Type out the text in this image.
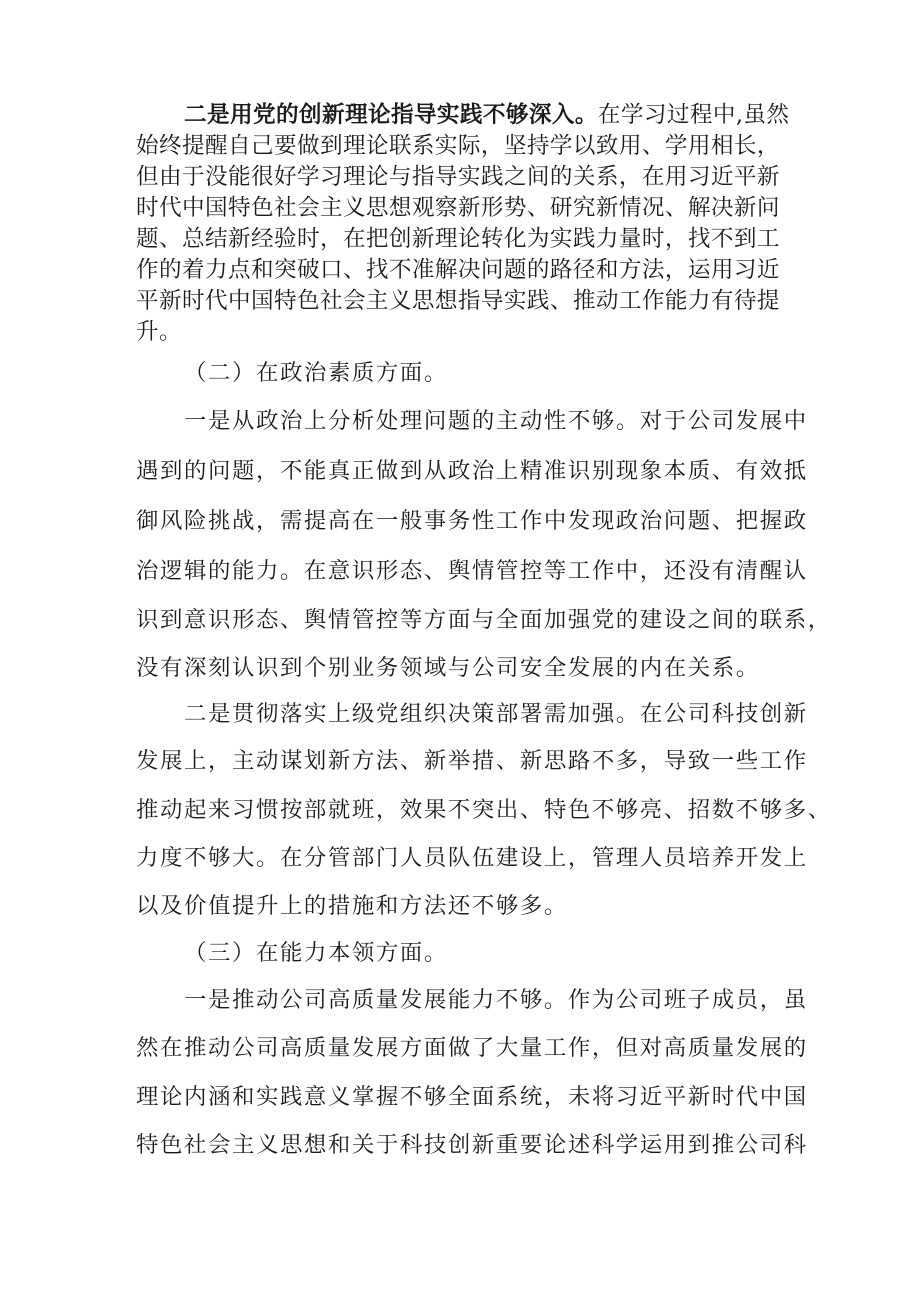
二是用党的创新理论指导实践不够深入。在学习过程中,虽然
始终提醒自己要做到理论联系实际，坚持学以致用、学用相长，
但由于没能很好学习理论与指导实践之间的关系，在用习近平新
时代中国特色社会主义思想观察新形势、研究新情况、解决新问
题、总结新经验时，在把创新理论转化为实践力量时，找不到工
作的着力点和突破口、找不准解决问题的路径和方法，运用习近
平新时代中国特色社会主义思想指导实践、推动工作能力有待提
升。
（二）在政治素质方面。
一是从政治上分析处理问题的主动性不够。对于公司发展中
遇到的问题，不能真正做到从政治上精准识别现象本质、有效抵
御风险挑战，需提高在一般事务性工作中发现政治问题、把握政
治逻辑的能力。在意识形态、舆情管控等工作中，还没有清醒认
识到意识形态、舆情管控等方面与全面加强党的建设之间的联系，
没有深刻认识到个别业务领域与公司安全发展的内在关系。
二是贯彻落实上级党组织决策部署需加强。在公司科技创新
发展上，主动谋划新方法、新举措、新思路不多，导致一些工作
推动起来习惯按部就班，效果不突出、特色不够亮、招数不够多、
力度不够大。在分管部门人员队伍建设上，管理人员培养开发上
以及价值提升上的措施和方法还不够多。
（三）在能力本领方面。
一是推动公司高质量发展能力不够。作为公司班子成员，虽
然在推动公司高质量发展方面做了大量工作，但对高质量发展的
理论内涵和实践意义掌握不够全面系统，未将习近平新时代中国
特色社会主义思想和关于科技创新重要论述科学运用到推公司科
